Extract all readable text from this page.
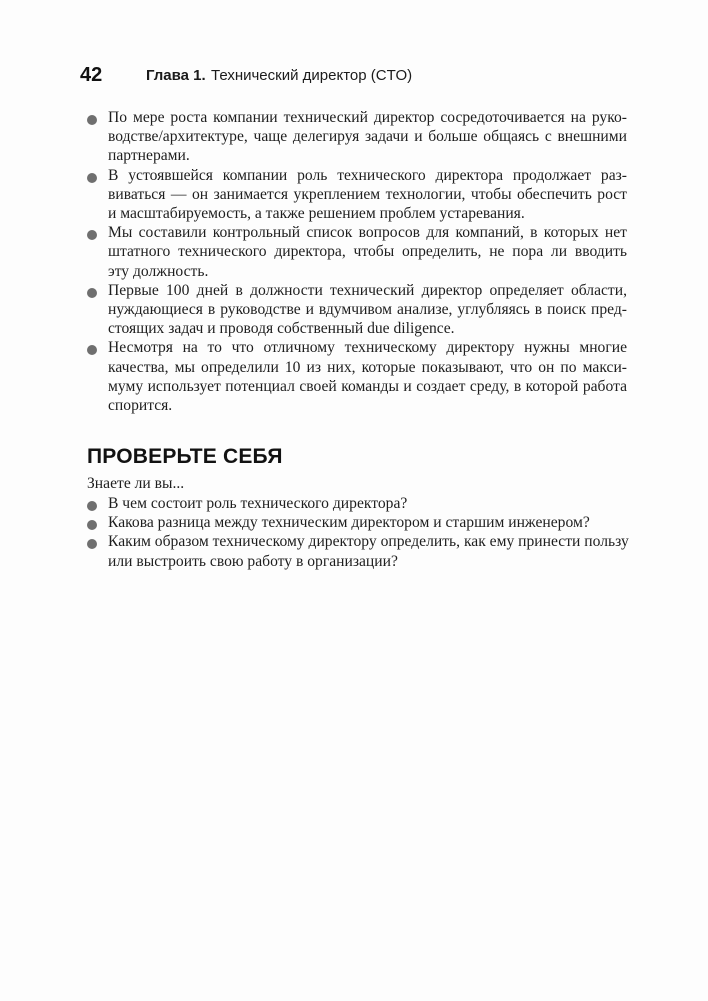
42	Глава 1. Технический директор (CTO)
По мере роста компании технический директор сосредоточивается на руко-
водстве/архитектуре, чаще делегируя задачи и больше общаясь с внешними
партнерами.
В устоявшейся компании роль технического директора продолжает раз-
виваться — он занимается укреплением технологии, чтобы обеспечить рост
и масштабируемость, а также решением проблем устаревания.
Мы составили контрольный список вопросов для компаний, в которых нет
штатного технического директора, чтобы определить, не пора ли вводить
эту должность.
Первые 100 дней в должности технический директор определяет области,
нуждающиеся в руководстве и вдумчивом анализе, углубляясь в поиск пред-
стоящих задач и проводя собственный due diligence.
Несмотря на то что отличному техническому директору нужны многие
качества, мы определили 10 из них, которые показывают, что он по макси-
муму использует потенциал своей команды и создает среду, в которой работа
спорится.
ПРОВЕРЬТЕ СЕБЯ
Знаете ли вы...
В чем состоит роль технического директора?
Какова разница между техническим директором и старшим инженером?
Каким образом техническому директору определить, как ему принести пользу
или выстроить свою работу в организации?
